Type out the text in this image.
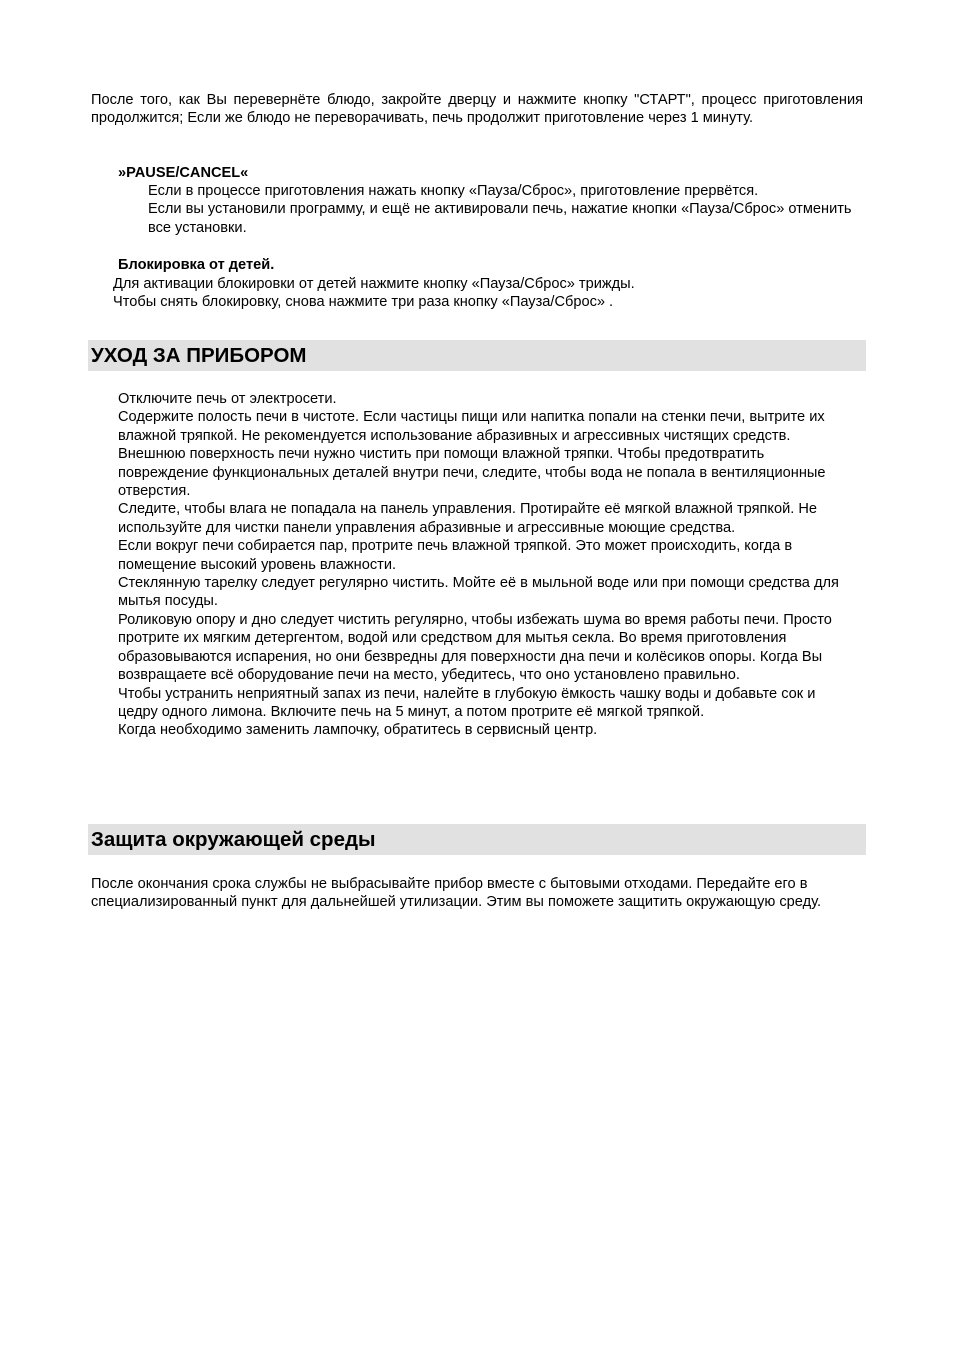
После того, как Вы перевернёте блюдо, закройте дверцу и нажмите кнопку "СТАРТ", процесс приготовления продолжится; Если же блюдо не переворачивать, печь продолжит приготовление через 1 минуту.

»PAUSE/CANCEL«
Если в процессе приготовления нажать кнопку «Пауза/Сброс», приготовление прервётся.
Если вы установили программу, и ещё не активировали печь, нажатие кнопки «Пауза/Сброс» отменить все установки.
Блокировка от детей.
Для активации блокировки от детей нажмите кнопку «Пауза/Сброс» трижды.
Чтобы снять блокировку, снова нажмите три раза кнопку «Пауза/Сброс» .
УХОД ЗА ПРИБОРОМ

Отключите печь от электросети.

Содержите полость печи в чистоте. Если частицы пищи или напитка попали на стенки печи, вытрите их влажной тряпкой. Не рекомендуется использование абразивных и агрессивных чистящих средств.

Внешнюю поверхность печи нужно чистить при помощи влажной тряпки. Чтобы предотвратить повреждение функциональных деталей внутри печи, следите, чтобы вода не попала в вентиляционные отверстия.

Следите, чтобы влага не попадала на панель управления. Протирайте её мягкой влажной тряпкой. Не используйте для чистки панели управления абразивные и агрессивные моющие средства.

Если вокруг печи собирается пар, протрите печь влажной тряпкой. Это может происходить, когда в помещение высокий уровень влажности.

Стеклянную тарелку следует регулярно чистить. Мойте её в мыльной воде или при помощи средства для мытья посуды.

Роликовую опору и дно следует чистить регулярно, чтобы избежать шума во время работы печи. Просто протрите их мягким детергентом, водой или средством для мытья секла. Во время приготовления образовываются испарения, но они безвредны для поверхности дна печи и колёсиков опоры. Когда Вы возвращаете всё оборудование печи на место, убедитесь, что оно установлено правильно.

Чтобы устранить неприятный запах из печи, налейте в глубокую ёмкость чашку воды и добавьте сок и цедру одного лимона. Включите печь на 5 минут, а потом протрите её мягкой тряпкой.

Когда необходимо заменить лампочку, обратитесь в сервисный центр.

Защита окружающей среды

После окончания срока службы не выбрасывайте прибор вместе с бытовыми отходами. Передайте его в специализированный пункт для дальнейшей утилизации. Этим вы поможете защитить окружающую среду.
